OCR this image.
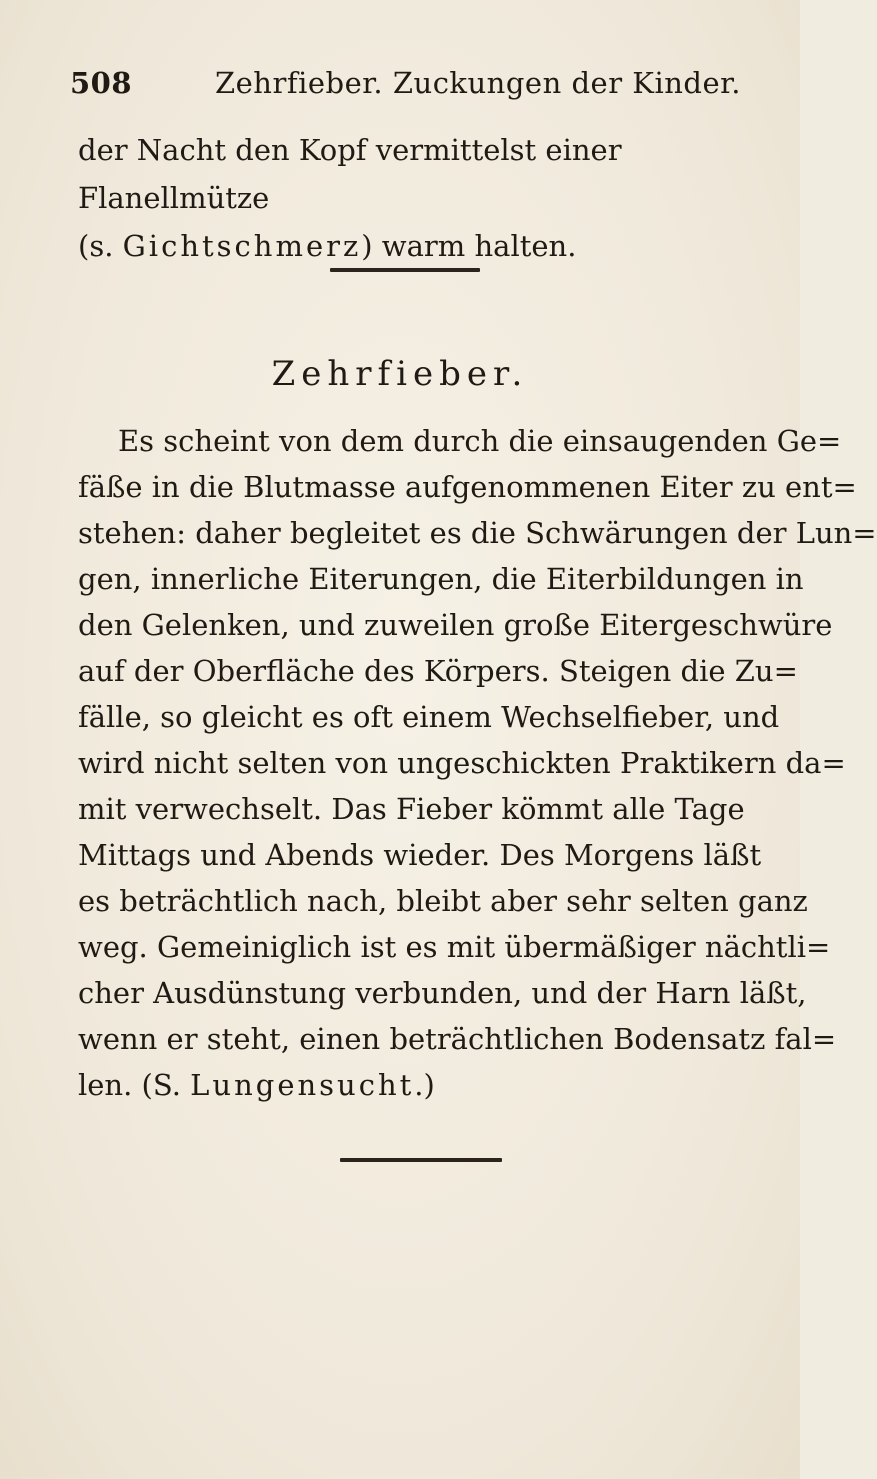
508	Zehrfieber. Zuckungen der Kinder.
der Nacht den Kopf vermittelst einer Flanellmütze
(s. Gichtschmerz) warm halten.
Zehrfieber.
Es scheint von dem durch die einsaugenden Ge=
fäße in die Blutmasse aufgenommenen Eiter zu ent=
stehen: daher begleitet es die Schwärungen der Lun=
gen, innerliche Eiterungen, die Eiterbildungen in
den Gelenken, und zuweilen große Eitergeschwüre
auf der Oberfläche des Körpers. Steigen die Zu=
fälle, so gleicht es oft einem Wechselfieber, und
wird nicht selten von ungeschickten Praktikern da=
mit verwechselt. Das Fieber kömmt alle Tage
Mittags und Abends wieder. Des Morgens läßt
es beträchtlich nach, bleibt aber sehr selten ganz
weg. Gemeiniglich ist es mit übermäßiger nächtli=
cher Ausdünstung verbunden, und der Harn läßt,
wenn er steht, einen beträchtlichen Bodensatz fal=
len. (S. Lungensucht.)
